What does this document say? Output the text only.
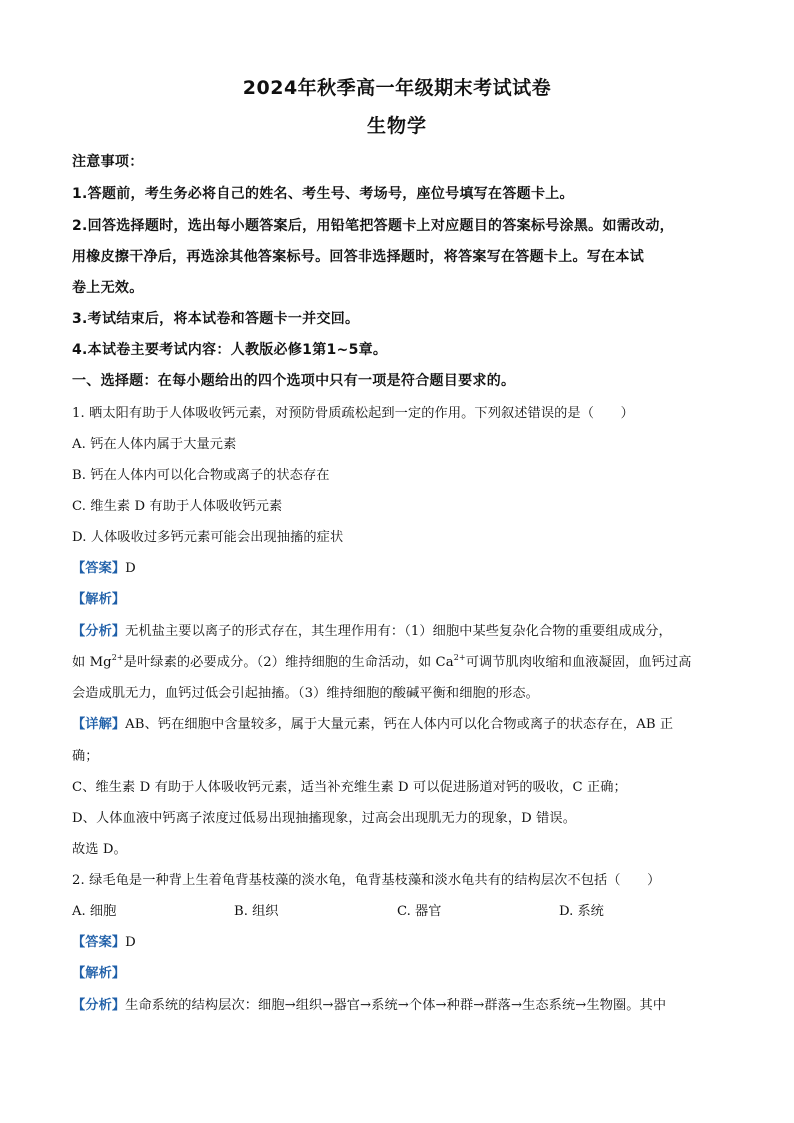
2024年秋季高一年级期末考试试卷
生物学
注意事项：
1.答题前，考生务必将自己的姓名、考生号、考场号，座位号填写在答题卡上。
2.回答选择题时，选出每小题答案后，用铅笔把答题卡上对应题目的答案标号涂黑。如需改动，
用橡皮擦干净后，再选涂其他答案标号。回答非选择题时，将答案写在答题卡上。写在本试
卷上无效。
3.考试结束后，将本试卷和答题卡一并交回。
4.本试卷主要考试内容：人教版必修1第1~5章。
一、选择题：在每小题给出的四个选项中只有一项是符合题目要求的。
1. 晒太阳有助于人体吸收钙元素，对预防骨质疏松起到一定的作用。下列叙述错误的是（　　）
A. 钙在人体内属于大量元素
B. 钙在人体内可以化合物或离子的状态存在
C. 维生素 D 有助于人体吸收钙元素
D. 人体吸收过多钙元素可能会出现抽搐的症状
【答案】D
【解析】
【分析】无机盐主要以离子的形式存在，其生理作用有：（1）细胞中某些复杂化合物的重要组成成分，
如 $Mg^{2+}$是叶绿素的必要成分。（2）维持细胞的生命活动，如 $Ca^{2+}$可调节肌肉收缩和血液凝固，血钙过高
会造成肌无力，血钙过低会引起抽搐。（3）维持细胞的酸碱平衡和细胞的形态。
【详解】AB、钙在细胞中含量较多，属于大量元素，钙在人体内可以化合物或离子的状态存在，AB 正
确；
C、维生素 D 有助于人体吸收钙元素，适当补充维生素 D 可以促进肠道对钙的吸收，C 正确；
D、人体血液中钙离子浓度过低易出现抽搐现象，过高会出现肌无力的现象，D 错误。
故选 D。
2. 绿毛龟是一种背上生着龟背基枝藻的淡水龟，龟背基枝藻和淡水龟共有的结构层次不包括（　　）
A. 细胞	B. 组织	C. 器官	D. 系统
【答案】D
【解析】
【分析】生命系统的结构层次：细胞→组织→器官→系统→个体→种群→群落→生态系统→生物圈。其中
